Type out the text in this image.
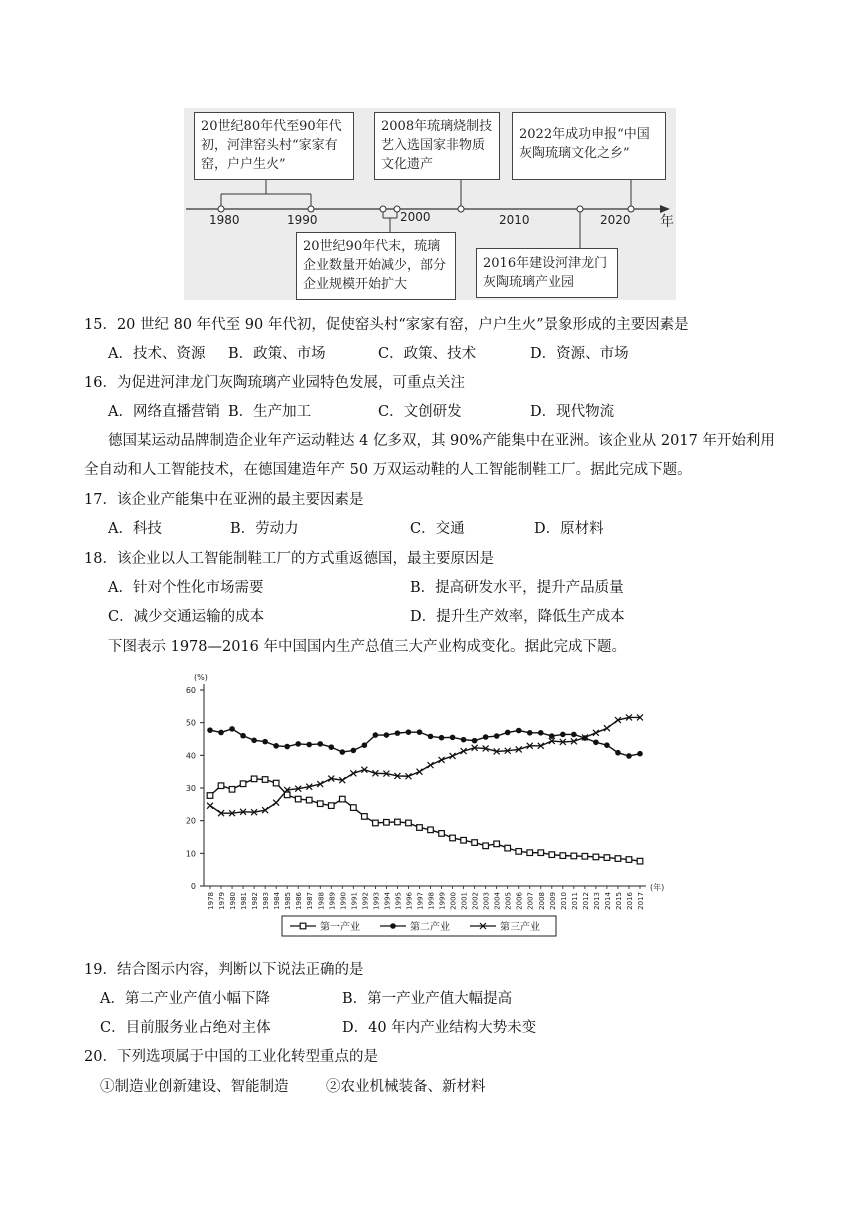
1980	1990	2000	2010	2020 年
20世纪80年代至90年代初，河津窑头村“家家有窑，户户生火”
2008年琉璃烧制技艺入选国家非物质文化遗产
2022年成功申报“中国灰陶琉璃文化之乡”
20世纪90年代末，琉璃企业数量开始减少，部分企业规模开始扩大
2016年建设河津龙门灰陶琉璃产业园
15．20 世纪 80 年代至 90 年代初，促使窑头村“家家有窑，户户生火”景象形成的主要因素是
A．技术、资源 B．政策、市场	C．政策、技术	D．资源、市场
16．为促进河津龙门灰陶琉璃产业园特色发展，可重点关注
A．网络直播营销 B．生产加工	C．文创研发	D．现代物流
德国某运动品牌制造企业年产运动鞋达 4 亿多双，其 90%产能集中在亚洲。该企业从 2017 年开始利用
全自动和人工智能技术，在德国建造年产 50 万双运动鞋的人工智能制鞋工厂。据此完成下题。
17．该企业产能集中在亚洲的最主要因素是
A．科技	B．劳动力	C．交通	D．原材料
18．该企业以人工智能制鞋工厂的方式重返德国，最主要原因是
A．针对个性化市场需要	B．提高研发水平，提升产品质量
C．减少交通运输的成本	D．提升生产效率，降低生产成本
下图表示 1978—2016 年中国国内生产总值三大产业构成变化。据此完成下题。
0
10
20
30
40
50
60
(%)
(年)
1978 1979 1980 1981 1982 1983 1984 1985 1986 1987 1988 1989 1990 1991 1992 1993 1994 1995 1996 1997 1998 1999 2000 2001 2002 2003 2004 2005 2006 2007 2008 2009 2010 2011 2012 2013 2014 2015 2016 2017
第一产业	第二产业	第三产业
19．结合图示内容，判断以下说法正确的是
A．第二产业产值小幅下降	B．第一产业产值大幅提高
C．目前服务业占绝对主体	D．40 年内产业结构大势未变
20．下列选项属于中国的工业化转型重点的是
①制造业创新建设、智能制造	②农业机械装备、新材料
